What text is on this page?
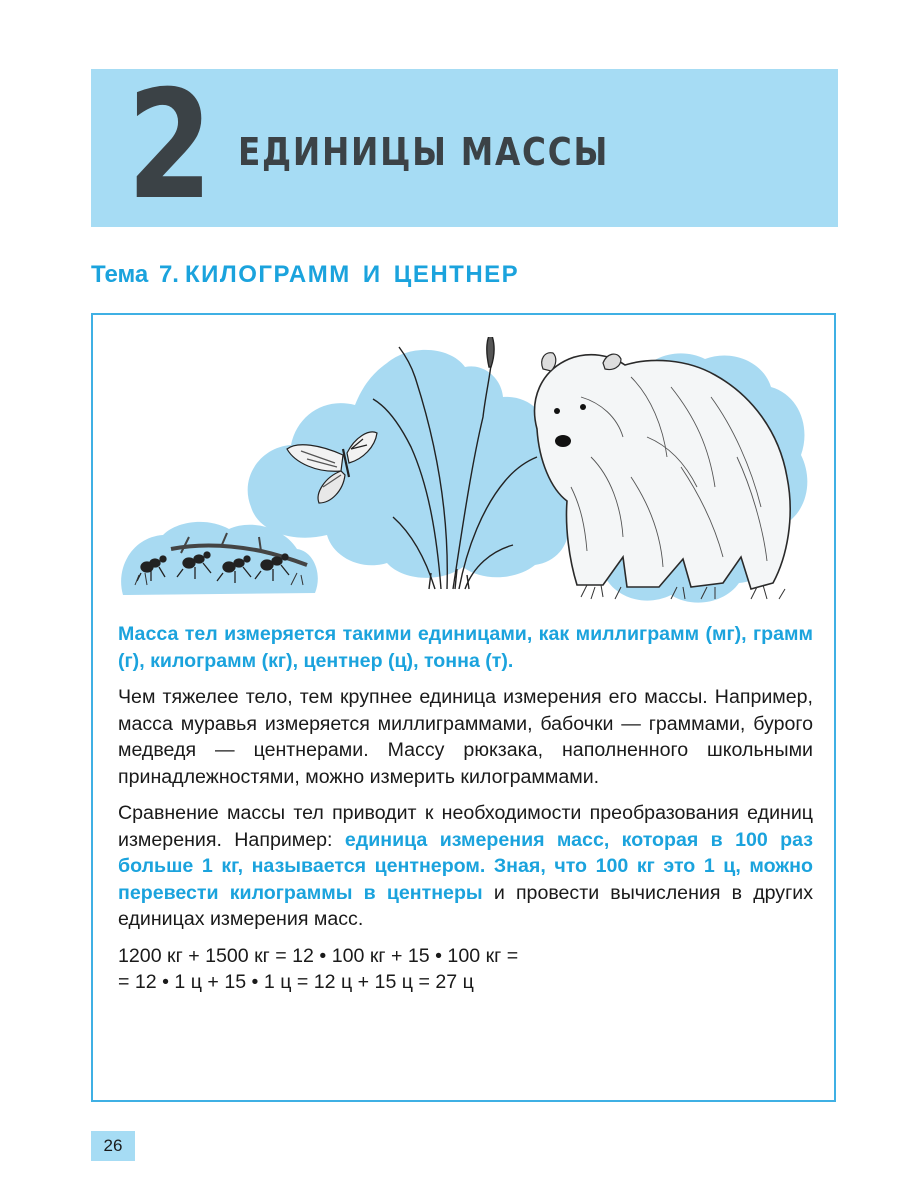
2 ЕДИНИЦЫ МАССЫ
Тема 7. КИЛОГРАММ И ЦЕНТНЕР

Масса тел измеряется такими единицами, как миллиграмм (мг), грамм (г), килограмм (кг), центнер (ц), тонна (т).

Чем тяжелее тело, тем крупнее единица измерения его массы. Например, масса муравья измеряется миллиграммами, бабочки — граммами, бурого медведя — центнерами. Массу рюкзака, наполненного школьными принадлежностями, можно измерить килограммами.

Сравнение массы тел приводит к необходимости преобразования единиц измерения. Например: единица измерения масс, которая в 100 раз больше 1 кг, называется центнером. Зная, что 100 кг это 1 ц, можно перевести килограммы в центнеры и провести вычисления в других единицах измерения масс.

1200 кг + 1500 кг = 12 • 100 кг + 15 • 100 кг =

= 12 • 1 ц + 15 • 1 ц = 12 ц + 15 ц = 27 ц

26
